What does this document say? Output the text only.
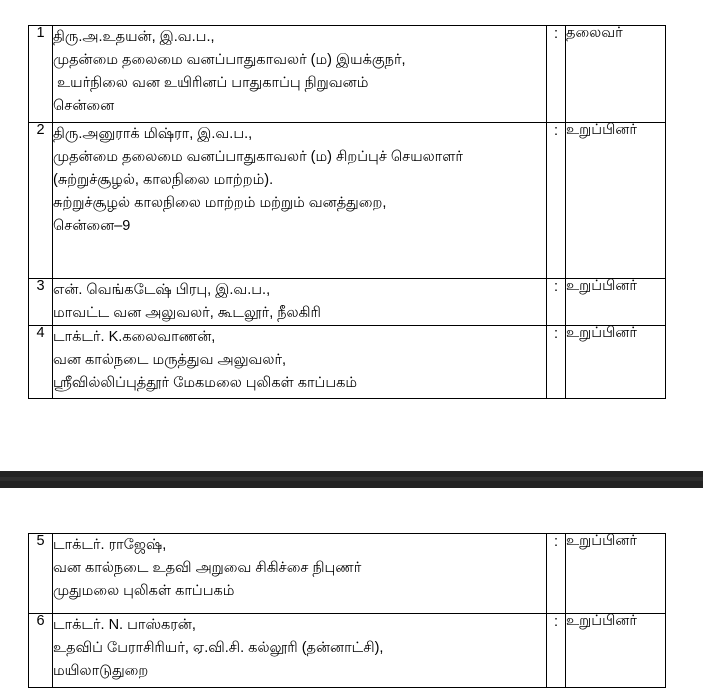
1	திரு.அ.உதயன், இ.வ.ப.,
முதன்மை தலைமை வனப்பாதுகாவலர் (ம) இயக்குநர்,
உயர்நிலை வன உயிரினப் பாதுகாப்பு நிறுவனம்
சென்னை	:	தலைவர்
2	திரு.அனுராக் மிஷ்ரா, இ.வ.ப.,
முதன்மை தலைமை வனப்பாதுகாவலர் (ம) சிறப்புச் செயலாளர்
(சுற்றுச்சூழல், காலநிலை மாற்றம்).
சுற்றுச்சூழல் காலநிலை மாற்றம் மற்றும் வனத்துறை,
சென்னை–9	:	உறுப்பினர்
3	என். வெங்கடேஷ் பிரபு, இ.வ.ப.,
மாவட்ட வன அலுவலர், கூடலூர், நீலகிரி	:	உறுப்பினர்
4	டாக்டர். K.கலைவாணன்,
வன கால்நடை மருத்துவ அலுவலர்,
ஸ்ரீவில்லிப்புத்தூர் மேகமலை புலிகள் காப்பகம்	:	உறுப்பினர்
5	டாக்டர். ராஜேஷ்,
வன கால்நடை உதவி அறுவை சிகிச்சை நிபுணர்
முதுமலை புலிகள் காப்பகம்	:	உறுப்பினர்
6	டாக்டர். N. பாஸ்கரன்,
உதவிப் பேராசிரியர், ஏ.வி.சி. கல்லூரி (தன்னாட்சி),
மயிலாடுதுறை	:	உறுப்பினர்
